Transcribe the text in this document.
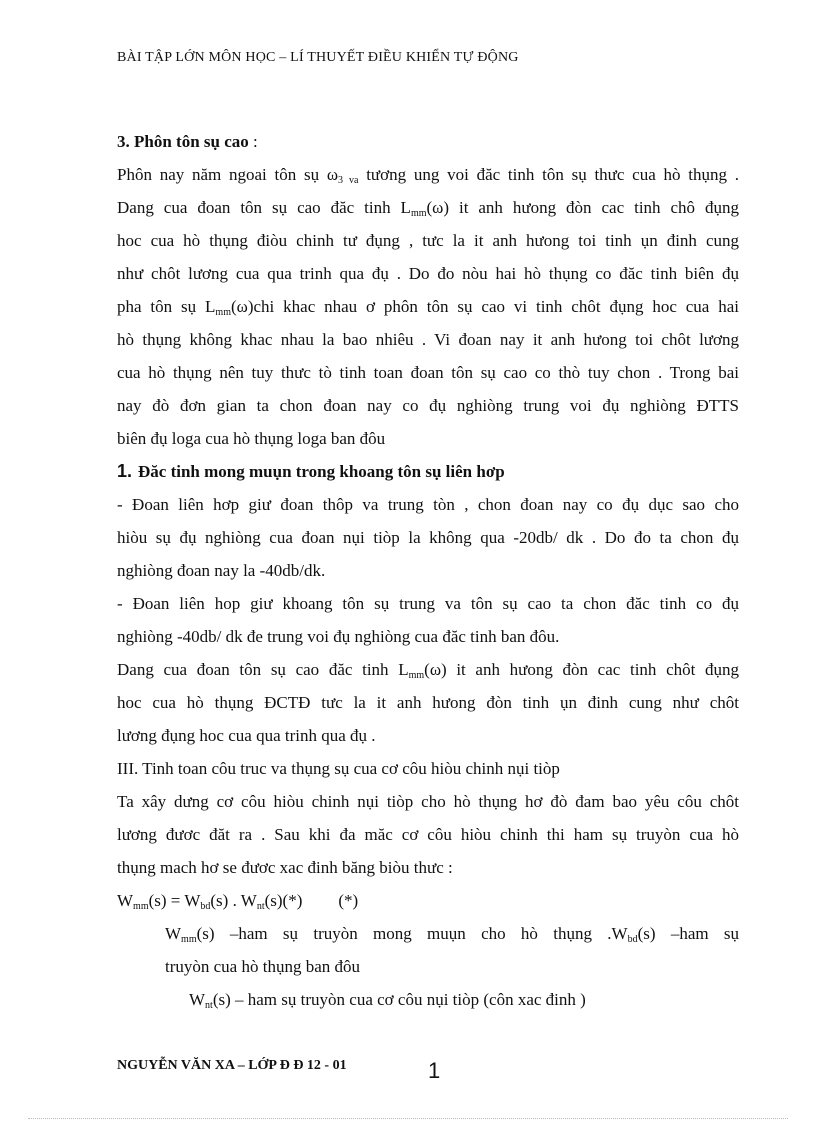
BÀI TẬP LỚN MÔN HỌC – LÍ THUYẾT ĐIỀU KHIỂN TỰ ĐỘNG
3. Phôn tôn sụ cao :
Phôn nay năm ngoai tôn sụ $\omega_{3 va}$ tương ung voi đăc tinh tôn sụ thưc cua hò thụng .
Dang cua đoan tôn sụ cao đăc tinh $L_{mm}(\omega)$ it anh hưong đòn cac tinh chô đụng
hoc cua hò thụng điòu chinh tư đụng , tưc la it anh hưong toi tinh ụn đinh cung
như chôt lương cua qua trinh qua đụ . Do đo nòu hai hò thụng co đăc tinh biên đụ
pha tôn sụ $L_{mm}(\omega)chi$ khac nhau ơ phôn tôn sụ cao vi tinh chôt đụng hoc cua hai
hò thụng không khac nhau la bao nhiêu . Vi đoan nay it anh hưong toi chôt lương
cua hò thụng nên tuy thưc tò tinh toan đoan tôn sụ cao co thò tuy chon . Trong bai
nay đò đơn gian ta chon đoan nay co đụ nghiòng trung voi đụ nghiòng ĐTTS
biên đụ loga cua hò thụng loga ban đôu
1. Đăc tinh mong muụn trong khoang tôn sụ liên hơp
- Đoan liên hơp giư đoan thôp va trung tòn , chon đoan nay co đụ dục sao cho
hiòu sụ đụ nghiòng cua đoan nụi tiòp la không qua -20db/ dk . Do đo ta chon đụ
nghiòng đoan nay la -40db/dk.
- Đoan liên hop giư khoang tôn sụ trung va tôn sụ cao ta chon đăc tinh co đụ
nghiòng -40db/ dk đe trung voi đụ nghiòng cua đăc tinh ban đôu.
Dang cua đoan tôn sụ cao đăc tinh $L_{mm}(\omega)$ it anh hưong đòn cac tinh chôt đụng
hoc cua hò thụng ĐCTĐ tưc la it anh hưong đòn tinh ụn đinh cung như chôt
lương đụng hoc cua qua trinh qua đụ .
III. Tinh toan côu truc va thụng sụ cua cơ côu hiòu chinh nụi tiòp
Ta xây dưng cơ côu hiòu chinh nụi tiòp cho hò thụng hơ đò đam bao yêu côu chôt
lương đươc đăt ra . Sau khi đa măc cơ côu hiòu chinh thi ham sụ truyòn cua hò
thụng mach hơ se đươc xac đinh băng biòu thưc :
$W_{mm}(s) = W_{bd}(s)$ . $W_{nt}(s)(*)$ (*)
$W_{mm}(s)$ –ham sụ truyòn mong muụn cho hò thụng $.W_{bd}(s)$ –ham sụ
truyòn cua hò thụng ban đôu
$W_{nt}(s)$ – ham sụ truyòn cua cơ côu nụi tiòp (côn xac đinh )
NGUYỄN VĂN XA – LỚP Đ Đ 12 - 01	1
